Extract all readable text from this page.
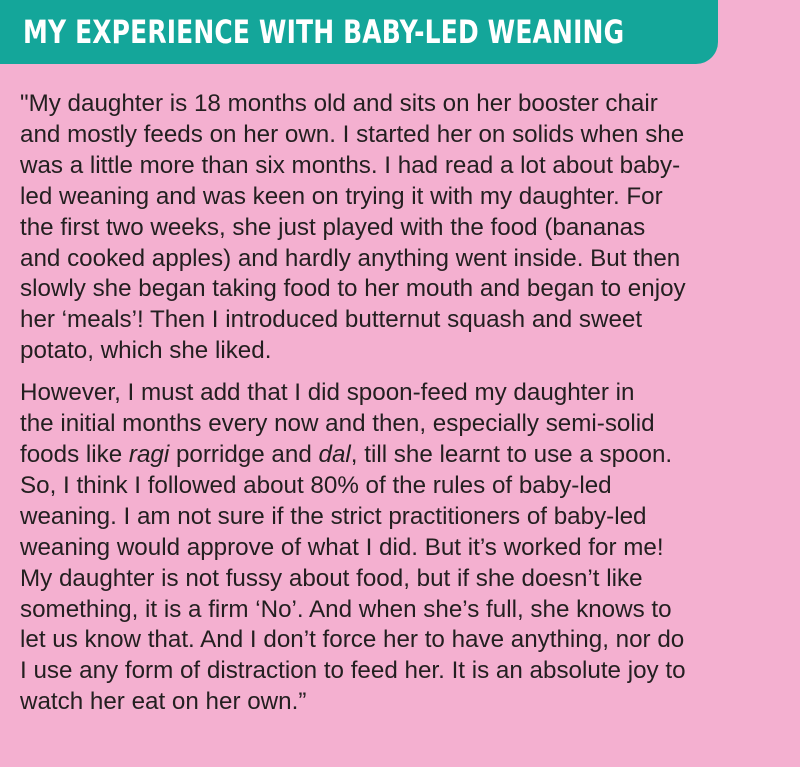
MY EXPERIENCE WITH BABY-LED WEANING

"My daughter is 18 months old and sits on her booster chair
and mostly feeds on her own. I started her on solids when she
was a little more than six months. I had read a lot about baby-
led weaning and was keen on trying it with my daughter. For
the first two weeks, she just played with the food (bananas
and cooked apples) and hardly anything went inside. But then
slowly she began taking food to her mouth and began to enjoy
her ‘meals’! Then I introduced butternut squash and sweet
potato, which she liked.

However, I must add that I did spoon-feed my daughter in
the initial months every now and then, especially semi-solid
foods like ragi porridge and dal, till she learnt to use a spoon.
So, I think I followed about 80% of the rules of baby-led
weaning. I am not sure if the strict practitioners of baby-led
weaning would approve of what I did. But it’s worked for me!
My daughter is not fussy about food, but if she doesn’t like
something, it is a firm ‘No’. And when she’s full, she knows to
let us know that. And I don’t force her to have anything, nor do
I use any form of distraction to feed her. It is an absolute joy to
watch her eat on her own.”
